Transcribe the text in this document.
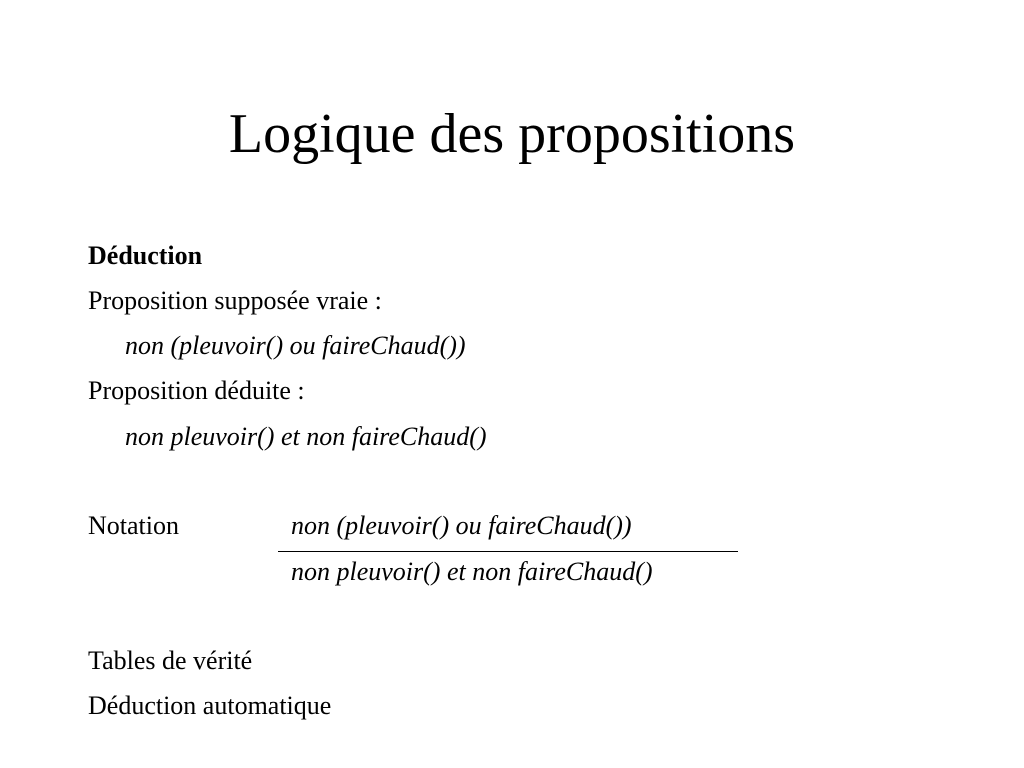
Logique des propositions
Déduction
Proposition supposée vraie :
non (pleuvoir() ou faireChaud())
Proposition déduite :
non pleuvoir() et non faireChaud()
Notation	non (pleuvoir() ou faireChaud())
non pleuvoir() et non faireChaud()
Tables de vérité
Déduction automatique
